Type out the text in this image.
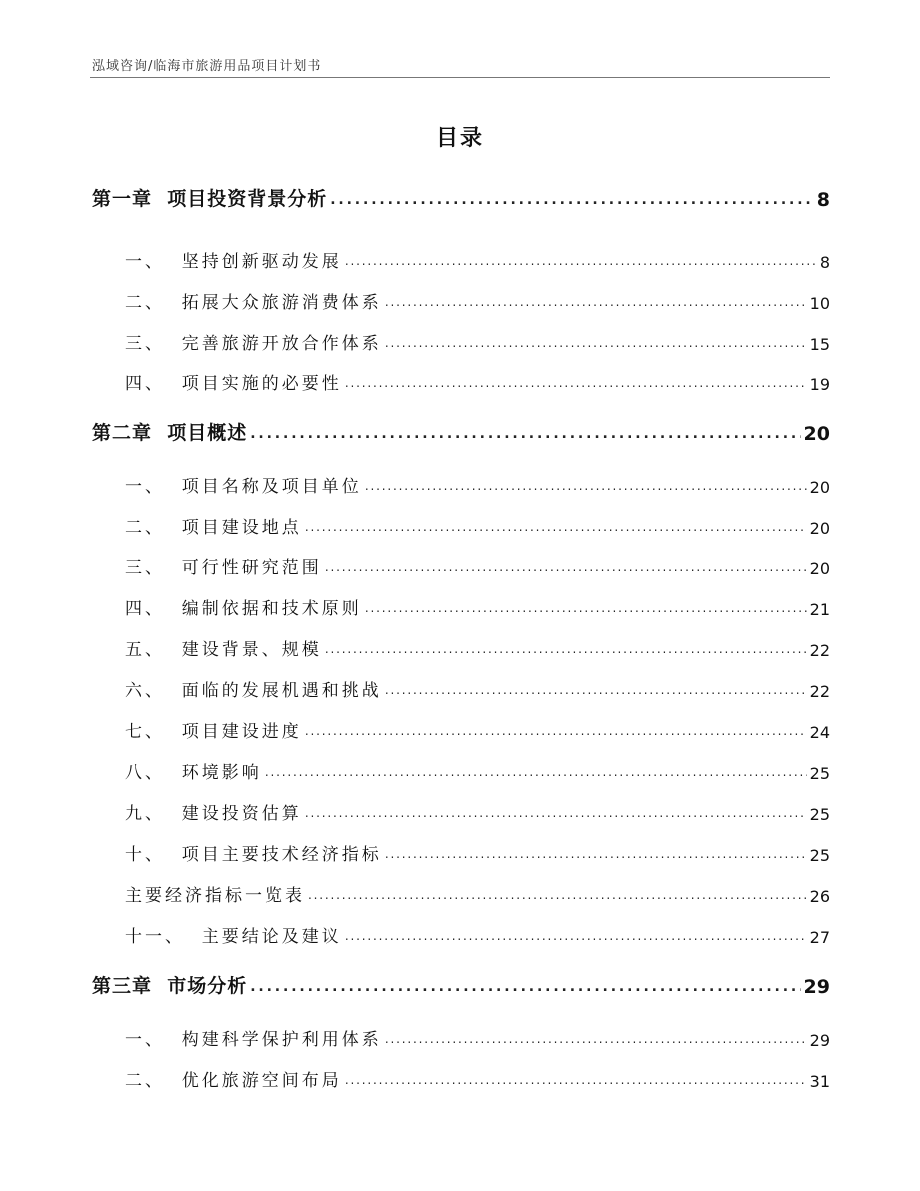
泓域咨询/临海市旅游用品项目计划书
目录
第一章  项目投资背景分析 . . .	8
一、  坚持创新驱动发展 . . .	8
二、  拓展大众旅游消费体系 . . .	10
三、  完善旅游开放合作体系 . . .	15
四、  项目实施的必要性 . . .	19
第二章  项目概述 . . .	20
一、  项目名称及项目单位 . . .	20
二、  项目建设地点 . . .	20
三、  可行性研究范围 . . .	20
四、  编制依据和技术原则 . . .	21
五、  建设背景、规模 . . .	22
六、  面临的发展机遇和挑战 . . .	22
七、  项目建设进度 . . .	24
八、  环境影响 . . .	25
九、  建设投资估算 . . .	25
十、  项目主要技术经济指标 . . .	25
主要经济指标一览表 . . .	26
十一、  主要结论及建议 . . .	27
第三章  市场分析 . . .	29
一、  构建科学保护利用体系 . . .	29
二、  优化旅游空间布局 . . .	31
